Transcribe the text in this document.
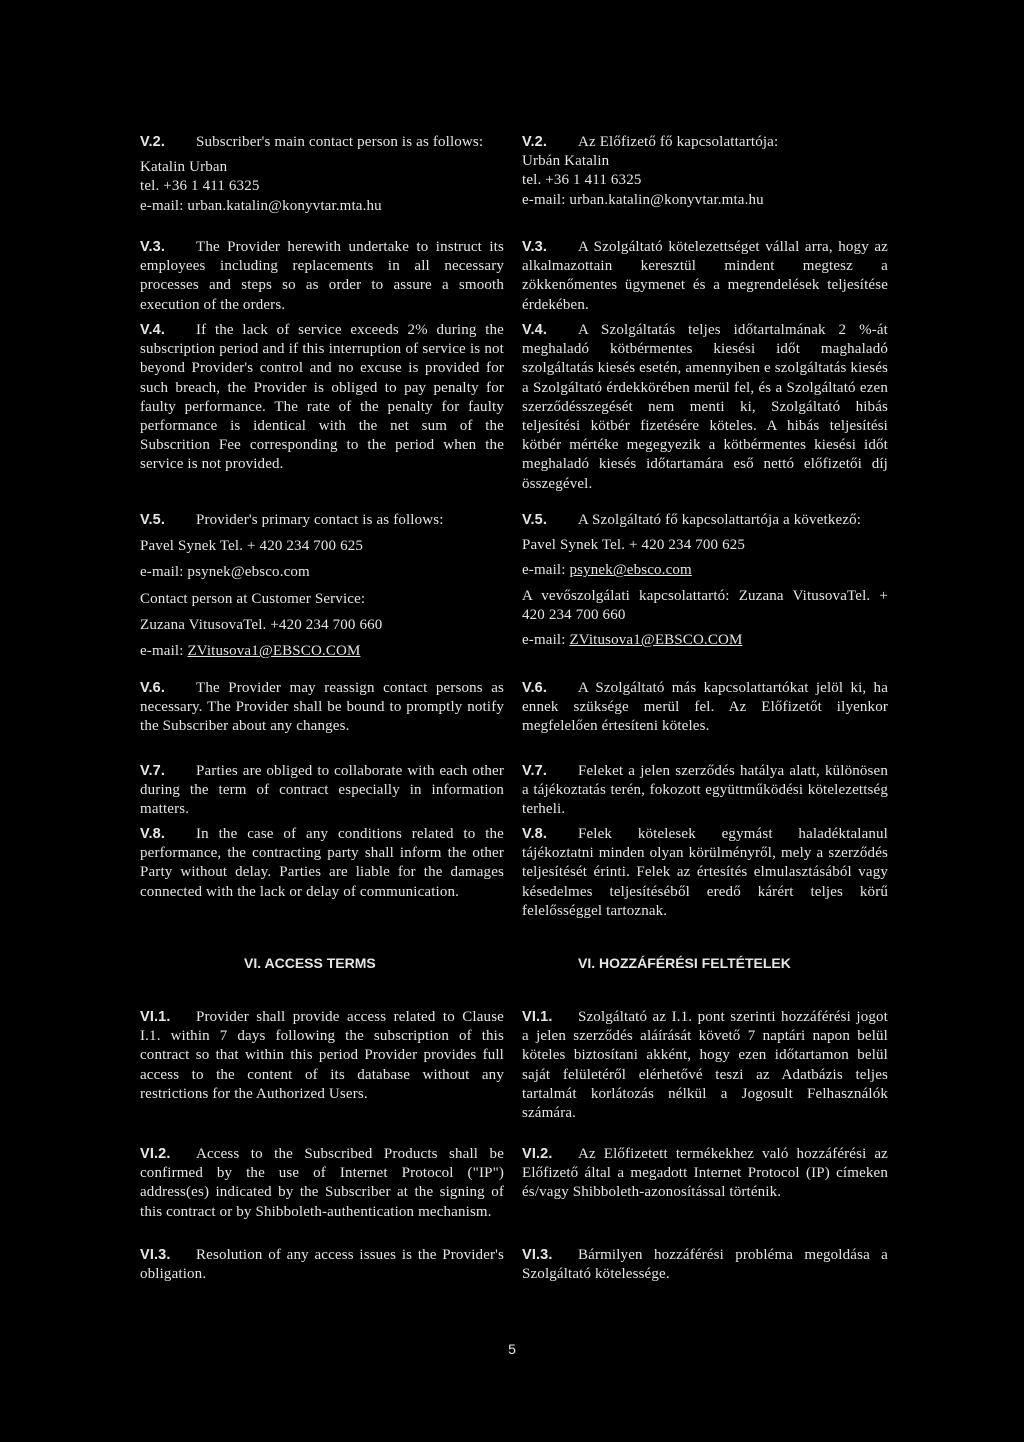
V.2. Subscriber's main contact person is as follows:

Katalin Urban
tel. +36 1 411 6325
e-mail: urban.katalin@konyvtar.mta.hu

V.3. The Provider herewith undertake to instruct its employees including replacements in all necessary processes and steps so as order to assure a smooth execution of the orders.

V.4. If the lack of service exceeds 2% during the subscription period and if this interruption of service is not beyond Provider's control and no excuse is provided for such breach, the Provider is obliged to pay penalty for faulty performance. The rate of the penalty for faulty performance is identical with the net sum of the Subscrition Fee corresponding to the period when the service is not provided.

V.5. Provider's primary contact is as follows:

Pavel Synek Tel. + 420 234 700 625

e-mail: psynek@ebsco.com

Contact person at Customer Service:

Zuzana VitusovaTel. +420 234 700 660

e-mail: ZVitusova1@EBSCO.COM

V.6. The Provider may reassign contact persons as necessary. The Provider shall be bound to promptly notify the Subscriber about any changes.

V.7. Parties are obliged to collaborate with each other during the term of contract especially in information matters.

V.8. In the case of any conditions related to the performance, the contracting party shall inform the other Party without delay. Parties are liable for the damages connected with the lack or delay of communication.

VI. ACCESS TERMS

VI.1. Provider shall provide access related to Clause I.1. within 7 days following the subscription of this contract so that within this period Provider provides full access to the content of its database without any restrictions for the Authorized Users.

VI.2. Access to the Subscribed Products shall be confirmed by the use of Internet Protocol ("IP") address(es) indicated by the Subscriber at the signing of this contract or by Shibboleth-authentication mechanism.

VI.3. Resolution of any access issues is the Provider's obligation.

V.2. Az Előfizető fő kapcsolattartója:

Urbán Katalin
tel. +36 1 411 6325
e-mail: urban.katalin@konyvtar.mta.hu

V.3. A Szolgáltató kötelezettséget vállal arra, hogy az alkalmazottain keresztül mindent megtesz a zökkenőmentes ügymenet és a megrendelések teljesítése érdekében.

V.4. A Szolgáltatás teljes időtartalmának 2 %-át meghaladó kötbérmentes kiesési időt maghaladó szolgáltatás kiesés esetén, amennyiben e szolgáltatás kiesés a Szolgáltató érdekkörében merül fel, és a Szolgáltató ezen szerződésszegését nem menti ki, Szolgáltató hibás teljesítési kötbér fizetésére köteles. A hibás teljesítési kötbér mértéke megegyezik a kötbérmentes kiesési időt meghaladó kiesés időtartamára eső nettó előfizetői díj összegével.

V.5. A Szolgáltató fő kapcsolattartója a következő:

Pavel Synek Tel. + 420 234 700 625

e-mail: psynek@ebsco.com

A vevőszolgálati kapcsolattartó: Zuzana VitusovaTel. + 420 234 700 660

e-mail: ZVitusova1@EBSCO.COM

V.6. A Szolgáltató más kapcsolattartókat jelöl ki, ha ennek szüksége merül fel. Az Előfizetőt ilyenkor megfelelően értesíteni köteles.

V.7. Feleket a jelen szerződés hatálya alatt, különösen a tájékoztatás terén, fokozott együttműködési kötelezettség terheli.

V.8. Felek kötelesek egymást haladéktalanul tájékoztatni minden olyan körülményről, mely a szerződés teljesítését érinti. Felek az értesítés elmulasztásából vagy késedelmes teljesítéséből eredő kárért teljes körű felelősséggel tartoznak.

VI. HOZZÁFÉRÉSI FELTÉTELEK

VI.1. Szolgáltató az I.1. pont szerinti hozzáférési jogot a jelen szerződés aláírását követő 7 naptári napon belül köteles biztosítani akként, hogy ezen időtartamon belül saját felületéről elérhetővé teszi az Adatbázis teljes tartalmát korlátozás nélkül a Jogosult Felhasználók számára.

VI.2. Az Előfizetett termékekhez való hozzáférési az Előfizető által a megadott Internet Protocol (IP) címeken és/vagy Shibboleth-azonosítással történik.

VI.3. Bármilyen hozzáférési probléma megoldása a Szolgáltató kötelessége.

5
